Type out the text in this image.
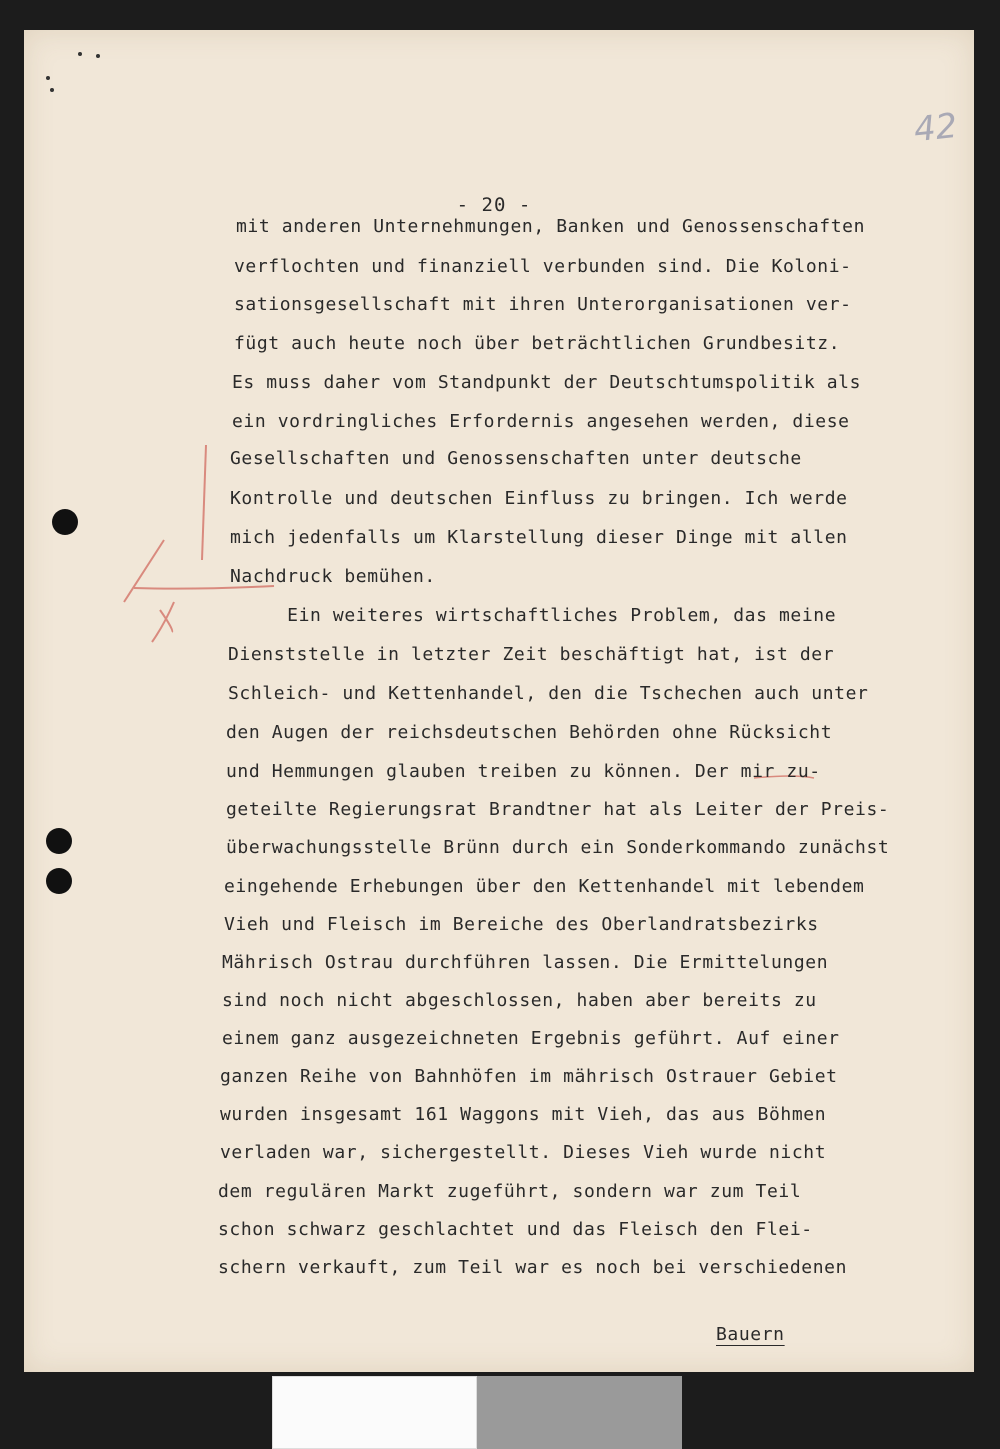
42
- 20 -
mit anderen Unternehmungen, Banken und Genossenschaften
verflochten und finanziell verbunden sind. Die Koloni-
sationsgesellschaft mit ihren Unterorganisationen ver-
fügt auch heute noch über beträchtlichen Grundbesitz.
Es muss daher vom Standpunkt der Deutschtumspolitik als
ein vordringliches Erfordernis angesehen werden, diese
Gesellschaften und Genossenschaften unter deutsche
Kontrolle und deutschen Einfluss zu bringen. Ich werde
mich jedenfalls um Klarstellung dieser Dinge mit allen
Nachdruck bemühen.
Ein weiteres wirtschaftliches Problem, das meine
Dienststelle in letzter Zeit beschäftigt hat, ist der
Schleich- und Kettenhandel, den die Tschechen auch unter
den Augen der reichsdeutschen Behörden ohne Rücksicht
und Hemmungen glauben treiben zu können. Der mir zu-
geteilte Regierungsrat Brandtner hat als Leiter der Preis-
überwachungsstelle Brünn durch ein Sonderkommando zunächst
eingehende Erhebungen über den Kettenhandel mit lebendem
Vieh und Fleisch im Bereiche des Oberlandratsbezirks
Mährisch Ostrau durchführen lassen. Die Ermittelungen
sind noch nicht abgeschlossen, haben aber bereits zu
einem ganz ausgezeichneten Ergebnis geführt. Auf einer
ganzen Reihe von Bahnhöfen im mährisch Ostrauer Gebiet
wurden insgesamt 161 Waggons mit Vieh, das aus Böhmen
verladen war, sichergestellt. Dieses Vieh wurde nicht
dem regulären Markt zugeführt, sondern war zum Teil
schon schwarz geschlachtet und das Fleisch den Flei-
schern verkauft, zum Teil war es noch bei verschiedenen
Bauern
